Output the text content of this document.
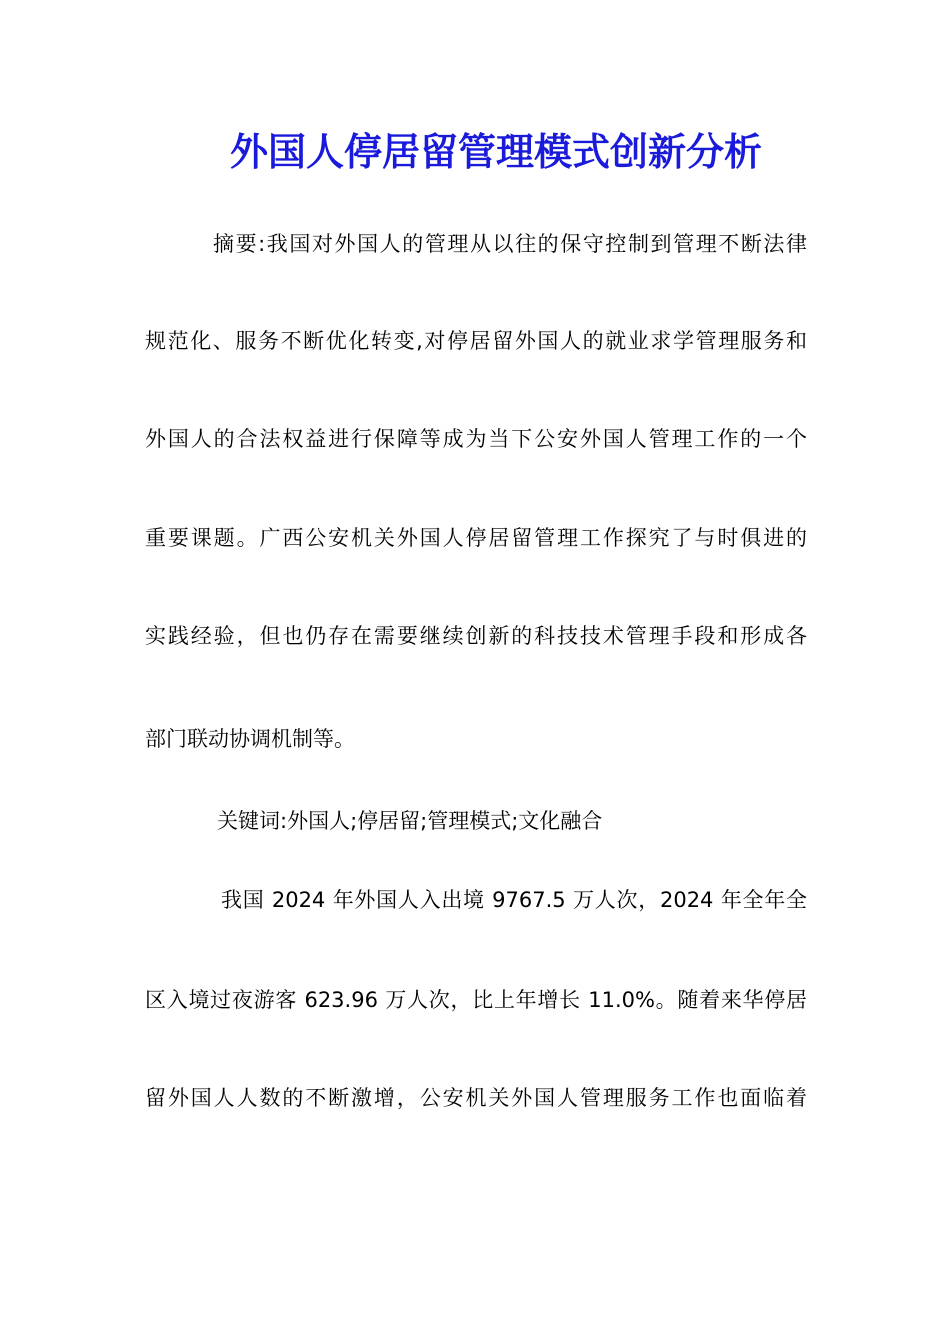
外国人停居留管理模式创新分析
摘要:我国对外国人的管理从以往的保守控制到管理不断法律
规范化、服务不断优化转变,对停居留外国人的就业求学管理服务和
外国人的合法权益进行保障等成为当下公安外国人管理工作的一个
重要课题。广西公安机关外国人停居留管理工作探究了与时俱进的
实践经验，但也仍存在需要继续创新的科技技术管理手段和形成各
部门联动协调机制等。
关键词:外国人;停居留;管理模式;文化融合
我国 2024 年外国人入出境 9767.5 万人次，2024 年全年全
区入境过夜游客 623.96 万人次，比上年增长 11.0%。随着来华停居
留外国人人数的不断激增，公安机关外国人管理服务工作也面临着
